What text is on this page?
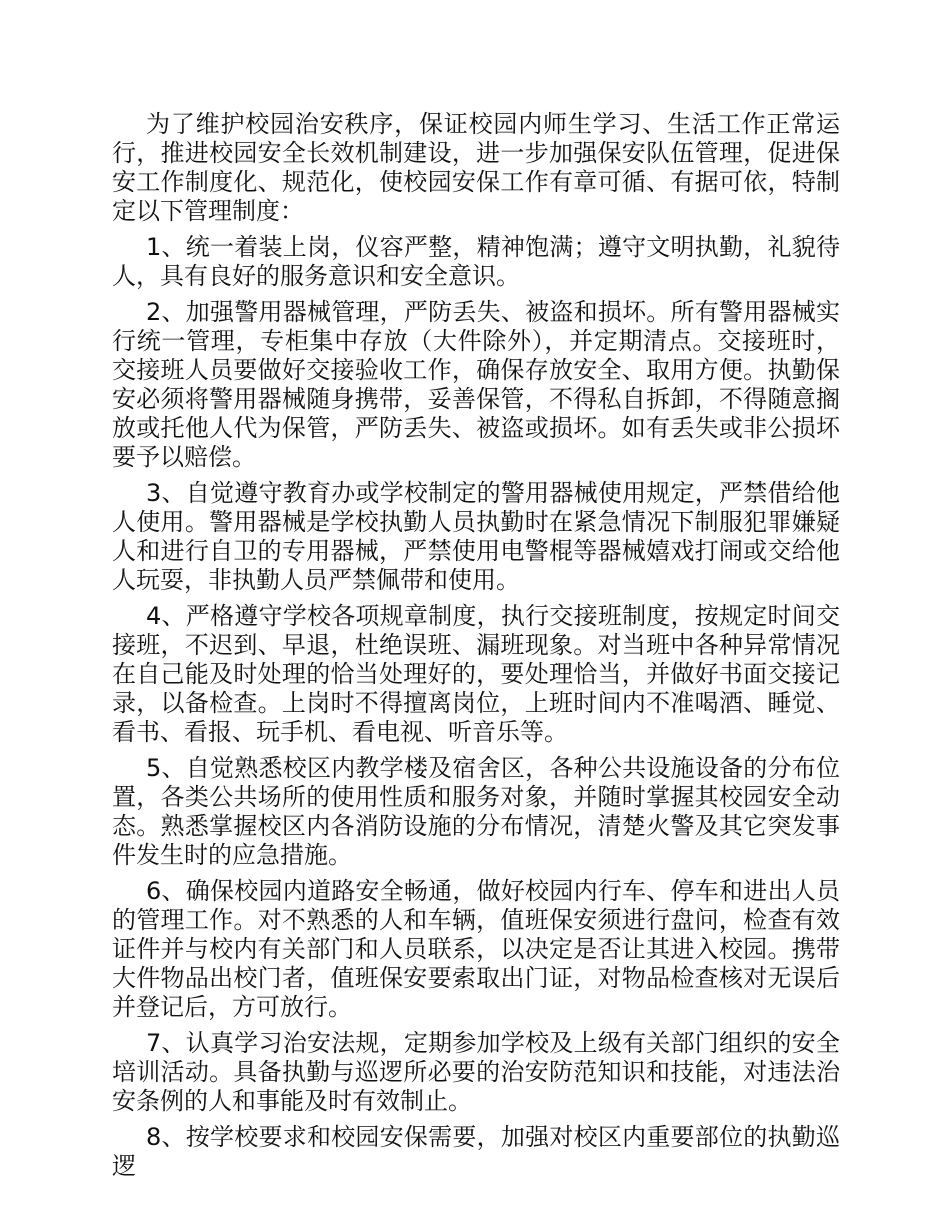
为了维护校园治安秩序，保证校园内师生学习、生活工作正常运行，推进校园安全长效机制建设，进一步加强保安队伍管理，促进保安工作制度化、规范化，使校园安保工作有章可循、有据可依，特制定以下管理制度：

1、统一着装上岗，仪容严整，精神饱满；遵守文明执勤，礼貌待人，具有良好的服务意识和安全意识。

2、加强警用器械管理，严防丢失、被盗和损坏。所有警用器械实行统一管理，专柜集中存放（大件除外），并定期清点。交接班时，交接班人员要做好交接验收工作，确保存放安全、取用方便。执勤保安必须将警用器械随身携带，妥善保管，不得私自拆卸，不得随意搁放或托他人代为保管，严防丢失、被盗或损坏。如有丢失或非公损坏要予以赔偿。

3、自觉遵守教育办或学校制定的警用器械使用规定，严禁借给他人使用。警用器械是学校执勤人员执勤时在紧急情况下制服犯罪嫌疑人和进行自卫的专用器械，严禁使用电警棍等器械嬉戏打闹或交给他人玩耍，非执勤人员严禁佩带和使用。

4、严格遵守学校各项规章制度，执行交接班制度，按规定时间交接班，不迟到、早退，杜绝误班、漏班现象。对当班中各种异常情况在自己能及时处理的恰当处理好的，要处理恰当，并做好书面交接记录，以备检查。上岗时不得擅离岗位，上班时间内不准喝酒、睡觉、看书、看报、玩手机、看电视、听音乐等。

5、自觉熟悉校区内教学楼及宿舍区，各种公共设施设备的分布位置，各类公共场所的使用性质和服务对象，并随时掌握其校园安全动态。熟悉掌握校区内各消防设施的分布情况，清楚火警及其它突发事件发生时的应急措施。

6、确保校园内道路安全畅通，做好校园内行车、停车和进出人员的管理工作。对不熟悉的人和车辆，值班保安须进行盘问，检查有效证件并与校内有关部门和人员联系，以决定是否让其进入校园。携带大件物品出校门者，值班保安要索取出门证，对物品检查核对无误后并登记后，方可放行。

7、认真学习治安法规，定期参加学校及上级有关部门组织的安全培训活动。具备执勤与巡逻所必要的治安防范知识和技能，对违法治安条例的人和事能及时有效制止。

8、按学校要求和校园安保需要，加强对校区内重要部位的执勤巡逻
